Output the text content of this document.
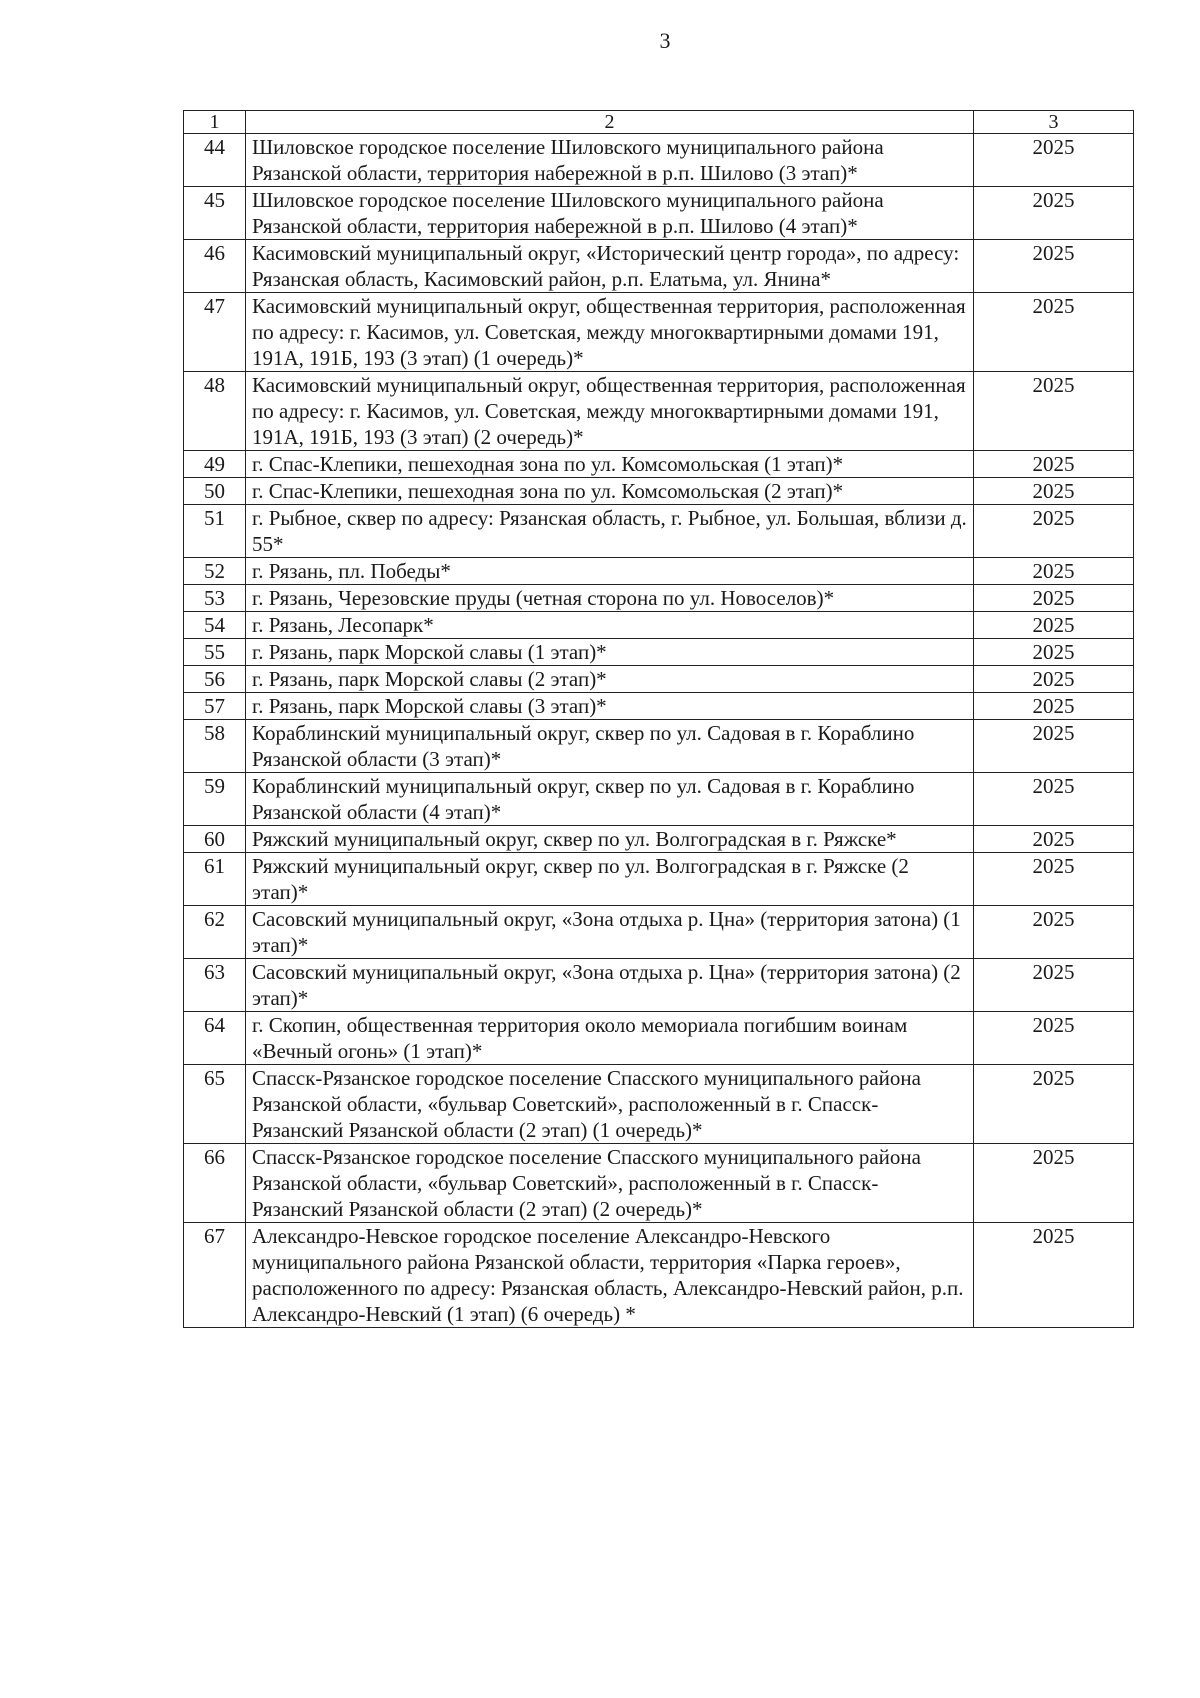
3
1	2	3
44	Шиловское городское поселение Шиловского муниципального района Рязанской области, территория набережной в р.п. Шилово (3 этап)*	2025
45	Шиловское городское поселение Шиловского муниципального района Рязанской области, территория набережной в р.п. Шилово (4 этап)*	2025
46	Касимовский муниципальный округ, «Исторический центр города», по адресу: Рязанская область, Касимовский район, р.п. Елатьма, ул. Янина*	2025
47	Касимовский муниципальный округ, общественная территория, расположенная по адресу: г. Касимов, ул. Советская, между многоквартирными домами 191, 191А, 191Б, 193 (3 этап) (1 очередь)*	2025
48	Касимовский муниципальный округ, общественная территория, расположенная по адресу: г. Касимов, ул. Советская, между многоквартирными домами 191, 191А, 191Б, 193 (3 этап) (2 очередь)*	2025
49	г. Спас-Клепики, пешеходная зона по ул. Комсомольская (1 этап)*	2025
50	г. Спас-Клепики, пешеходная зона по ул. Комсомольская (2 этап)*	2025
51	г. Рыбное, сквер по адресу: Рязанская область, г. Рыбное, ул. Большая, вблизи д. 55*	2025
52	г. Рязань, пл. Победы*	2025
53	г. Рязань, Черезовские пруды (четная сторона по ул. Новоселов)*	2025
54	г. Рязань, Лесопарк*	2025
55	г. Рязань, парк Морской славы (1 этап)*	2025
56	г. Рязань, парк Морской славы (2 этап)*	2025
57	г. Рязань, парк Морской славы (3 этап)*	2025
58	Кораблинский муниципальный округ, сквер по ул. Садовая в г. Кораблино Рязанской области (3 этап)*	2025
59	Кораблинский муниципальный округ, сквер по ул. Садовая в г. Кораблино Рязанской области (4 этап)*	2025
60	Ряжский муниципальный округ, сквер по ул. Волгоградская в г. Ряжске*	2025
61	Ряжский муниципальный округ, сквер по ул. Волгоградская в г. Ряжске (2 этап)*	2025
62	Сасовский муниципальный округ, «Зона отдыха р. Цна» (территория затона) (1 этап)*	2025
63	Сасовский муниципальный округ, «Зона отдыха р. Цна» (территория затона) (2 этап)*	2025
64	г. Скопин, общественная территория около мемориала погибшим воинам «Вечный огонь» (1 этап)*	2025
65	Спасск-Рязанское городское поселение Спасского муниципального района Рязанской области, «бульвар Советский», расположенный в г. Спасск-Рязанский Рязанской области (2 этап) (1 очередь)*	2025
66	Спасск-Рязанское городское поселение Спасского муниципального района Рязанской области, «бульвар Советский», расположенный в г. Спасск-Рязанский Рязанской области (2 этап) (2 очередь)*	2025
67	Александро-Невское городское поселение Александро-Невского муниципального района Рязанской области, территория «Парка героев», расположенного по адресу: Рязанская область, Александро-Невский район, р.п. Александро-Невский (1 этап) (6 очередь) *	2025
